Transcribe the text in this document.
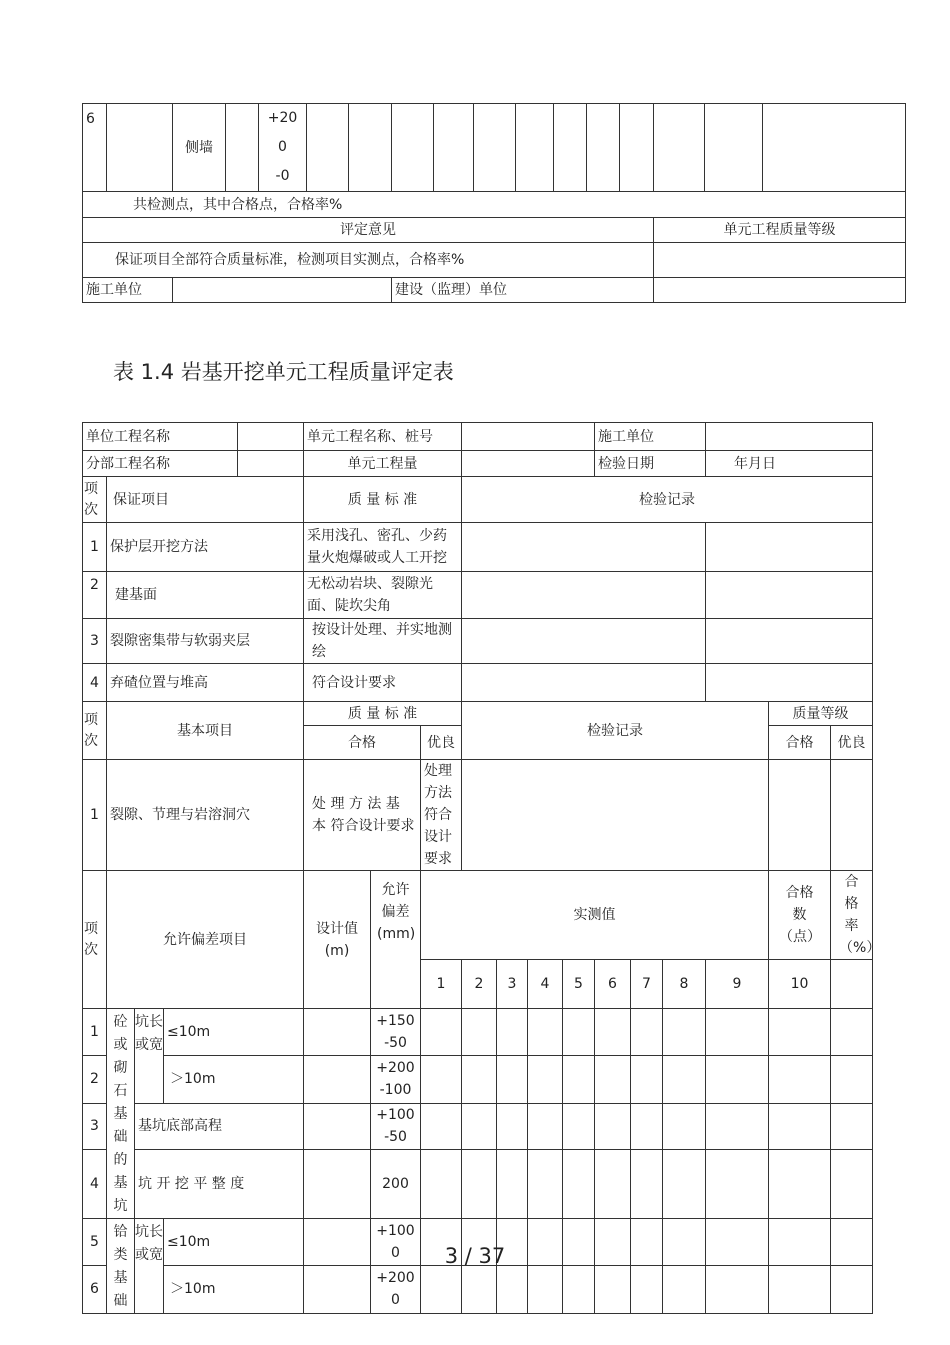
6		侧墙		+20
0
-0												

共检测点，其中合格点，合格率%																
评定意见														单元工程质量等级		
保证项目全部符合质量标准，检测项目实测点，合格率%																
施工单位							建设（监理）单位									
表 1.4 岩基开挖单元工程质量评定表
单位工程名称					单元工程名称、桩号							施工单位					
分部工程名称					单元工程量							检验日期			年月日		
项次	保证项目				质 量 标 准			检验记录									
1	保护层开挖方法				采用浅孔、密孔、少药量火炮爆破或人工开挖												
2	建基面				无松动岩块、裂隙光面、陡坎尖角												
3	裂隙密集带与软弱夹层				按设计处理、并实地测绘												
4	弃碴位置与堆高				符合设计要求												
项次	基本项目				质 量 标 准			检验记录								质量等级	
					合格		优良									合格	优良
1	裂隙、节理与岩溶洞穴				处 理 方 法 基 本 符合设计要求		处理方法符合设计要求										
项次	允许偏差项目				设计值(m)	允许偏差(mm)	实测值									合格数（点）	合格率（%）
							1	2	3	4	5	6	7	8	9	10	
1	砼或砌石基础的基坑	坑长或宽	≤10m			+150
-50											

2			＞10m			+200
-100											

3		基坑底部高程				+100
-50											

4		坑 开 挖 平 整 度				200											
5	铪类基础	坑长或宽	≤10m			+100
0											

6			＞10m			+200
0											

3 / 37
